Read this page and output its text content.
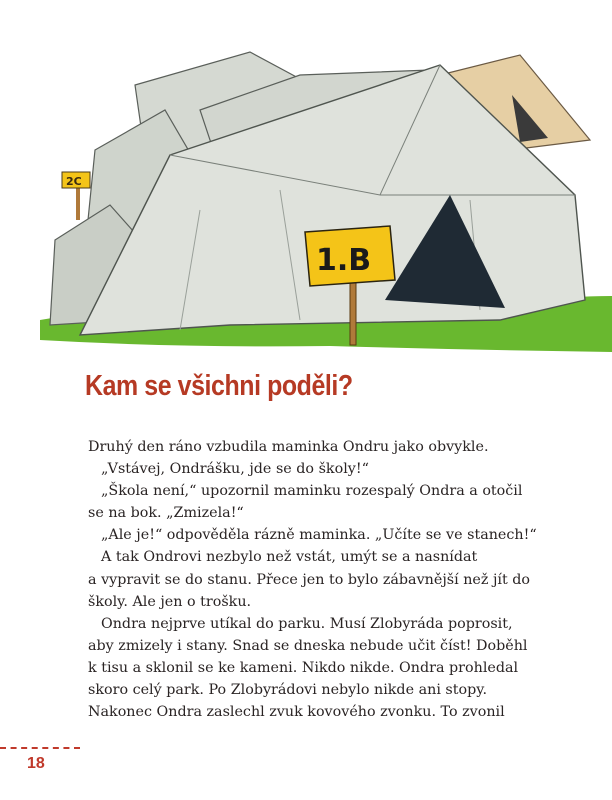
2C
1.B
Kam se všichni poděli?

Druhý den ráno vzbudila maminka Ondru jako obvykle.

„Vstávej, Ondrášku, jde se do školy!“

„Škola není,“ upozornil maminku rozespalý Ondra a otočil

se na bok. „Zmizela!“

„Ale je!“ odpověděla rázně maminka. „Učíte se ve stanech!“

A tak Ondrovi nezbylo než vstát, umýt se a nasnídat

a vypravit se do stanu. Přece jen to bylo zábavnější než jít do

školy. Ale jen o trošku.

Ondra nejprve utíkal do parku. Musí Zlobyráda poprosit,

aby zmizely i stany. Snad se dneska nebude učit číst! Doběhl

k tisu a sklonil se ke kameni. Nikdo nikde. Ondra prohledal

skoro celý park. Po Zlobyrádovi nebylo nikde ani stopy.

Nakonec Ondra zaslechl zvuk kovového zvonku. To zvonil

18
